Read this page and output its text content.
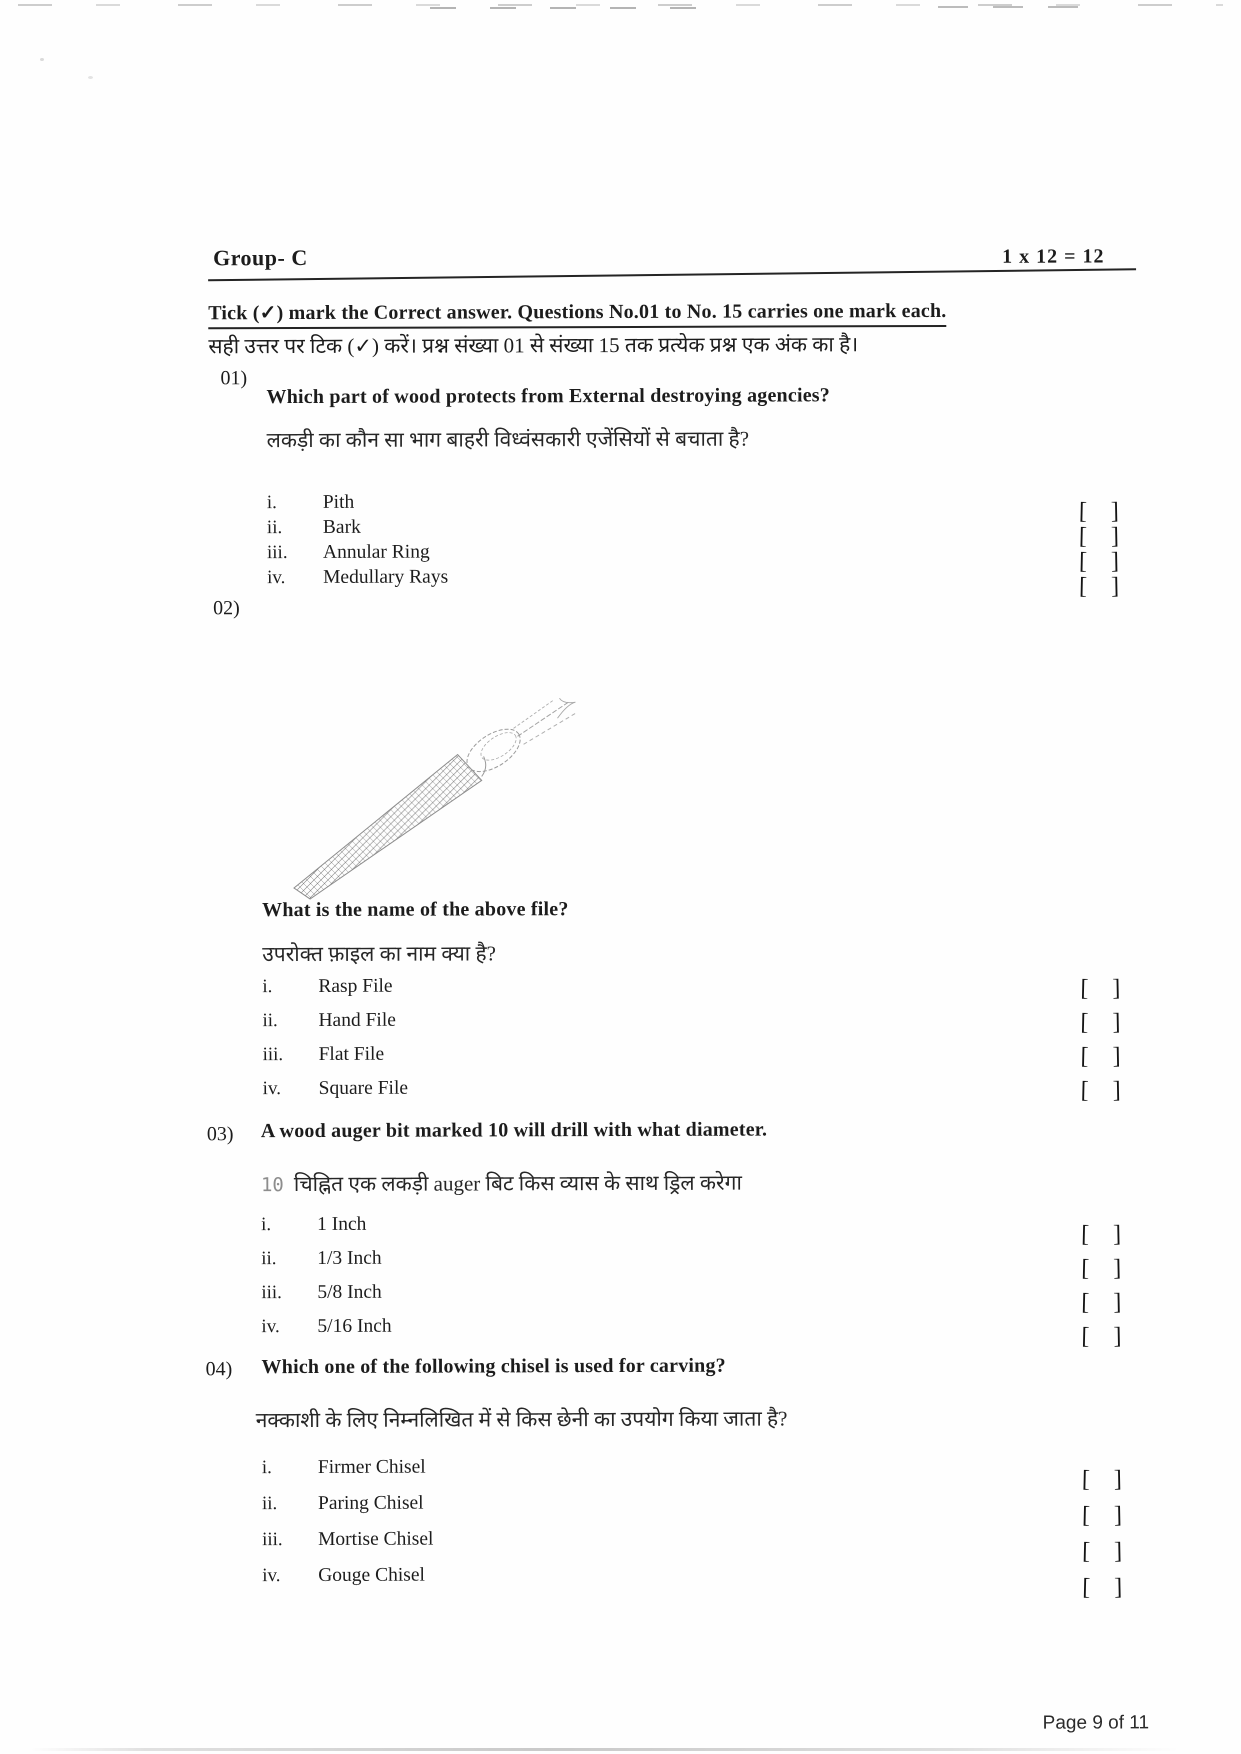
Group- C	1 x 12 = 12
Tick (✓) mark the Correct answer. Questions No.01 to No. 15 carries one mark each.
सही उत्तर पर टिक (✓) करें। प्रश्न संख्या 01 से संख्या 15 तक प्रत्येक प्रश्न एक अंक का है।
01)
Which part of wood protects from External destroying agencies?
लकड़ी का कौन सा भाग बाहरी विध्वंसकारी एजेंसियों से बचाता है?
i.	Pith	[ ]
ii.	Bark	[ ]
iii.	Annular Ring	[ ]
iv.	Medullary Rays	[ ]
02)
What is the name of the above file?
उपरोक्त फ़ाइल का नाम क्या है?
i.	Rasp File	[ ]
ii.	Hand File	[ ]
iii.	Flat File	[ ]
iv.	Square File	[ ]
03) A wood auger bit marked 10 will drill with what diameter.
10 चिह्नित एक लकड़ी auger बिट किस व्यास के साथ ड्रिल करेगा
i.	1 Inch	[ ]
ii.	1/3 Inch	[ ]
iii.	5/8 Inch	[ ]
iv.	5/16 Inch	[ ]
04) Which one of the following chisel is used for carving?
नक्काशी के लिए निम्नलिखित में से किस छेनी का उपयोग किया जाता है?
i.	Firmer Chisel	[ ]
ii.	Paring Chisel	[ ]
iii.	Mortise Chisel	[ ]
iv.	Gouge Chisel	[ ]
Page 9 of 11
